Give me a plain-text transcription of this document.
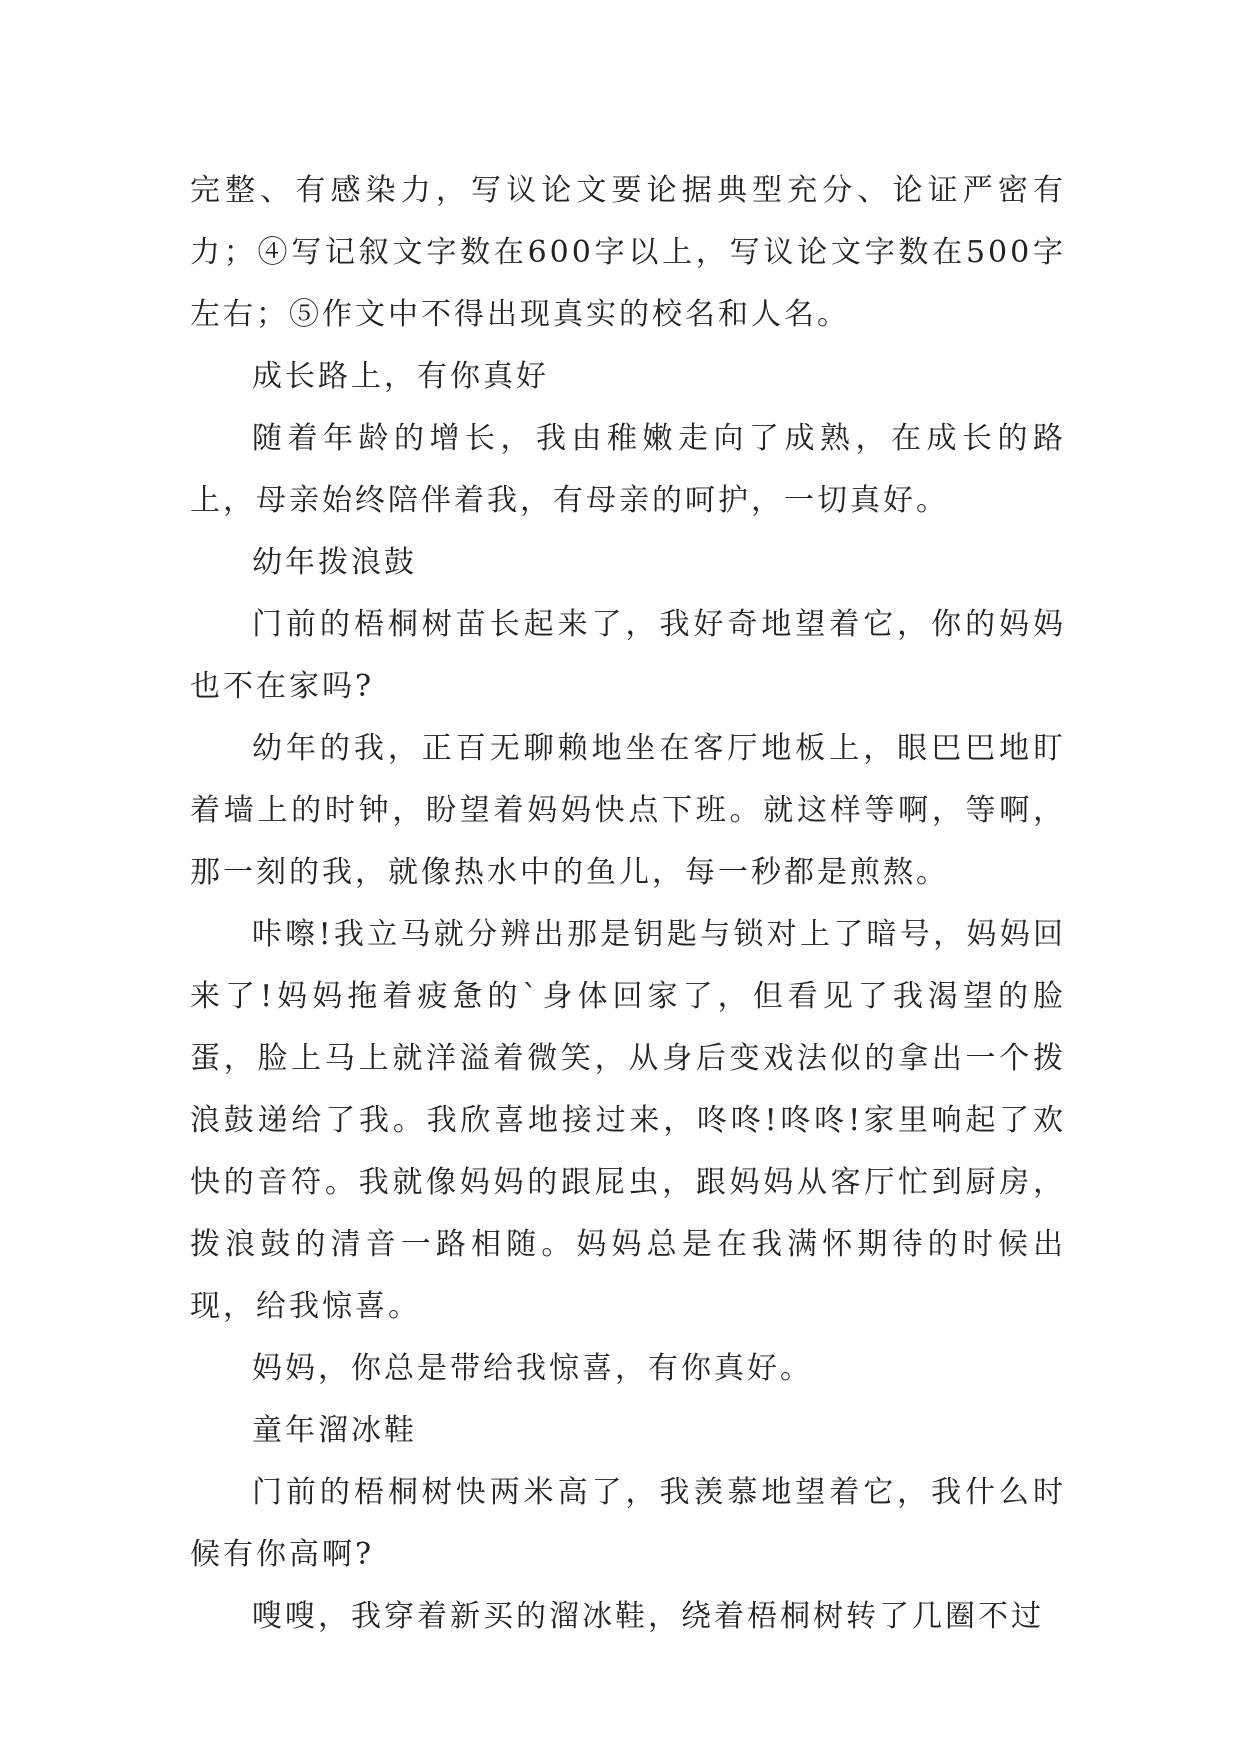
完整、有感染力，写议论文要论据典型充分、论证严密有力；④写记叙文字数在600字以上，写议论文字数在500字左右；⑤作文中不得出现真实的校名和人名。

成长路上，有你真好

随着年龄的增长，我由稚嫩走向了成熟，在成长的路上，母亲始终陪伴着我，有母亲的呵护，一切真好。

幼年拨浪鼓

门前的梧桐树苗长起来了，我好奇地望着它，你的妈妈也不在家吗?

幼年的我，正百无聊赖地坐在客厅地板上，眼巴巴地盯着墙上的时钟，盼望着妈妈快点下班。就这样等啊，等啊，那一刻的我，就像热水中的鱼儿，每一秒都是煎熬。

咔嚓!我立马就分辨出那是钥匙与锁对上了暗号，妈妈回来了!妈妈拖着疲惫的`身体回家了，但看见了我渴望的脸蛋，脸上马上就洋溢着微笑，从身后变戏法似的拿出一个拨浪鼓递给了我。我欣喜地接过来，咚咚!咚咚!家里响起了欢快的音符。我就像妈妈的跟屁虫，跟妈妈从客厅忙到厨房，拨浪鼓的清音一路相随。妈妈总是在我满怀期待的时候出现，给我惊喜。

妈妈，你总是带给我惊喜，有你真好。

童年溜冰鞋

门前的梧桐树快两米高了，我羡慕地望着它，我什么时候有你高啊?

嗖嗖，我穿着新买的溜冰鞋，绕着梧桐树转了几圈不过
